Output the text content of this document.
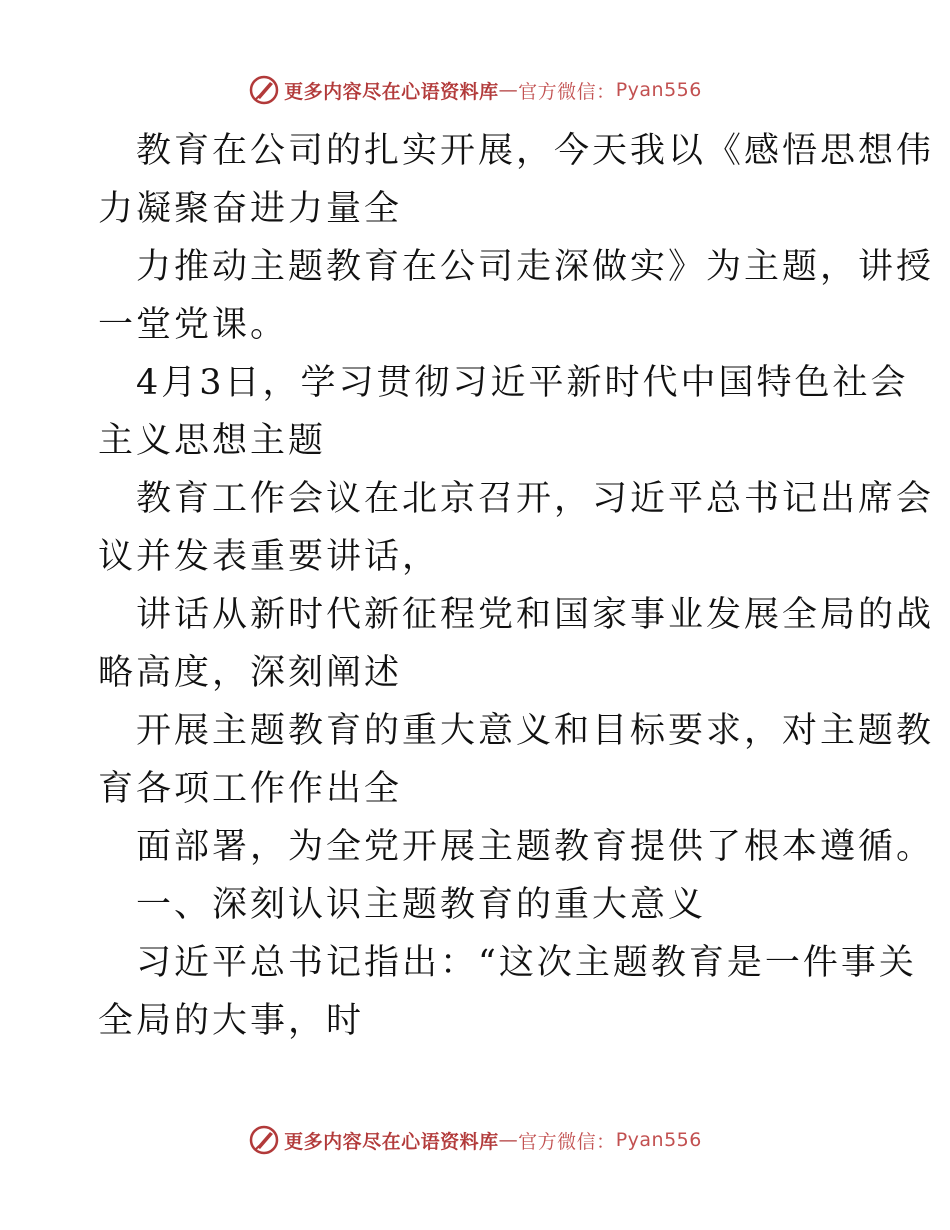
更多内容尽在心语资料库 — 官方微信： Pyan556

教育在公司的扎实开展，今天我以《感悟思想伟

力凝聚奋进力量全

力推动主题教育在公司走深做实》为主题，讲授

一堂党课。

4月3日，学习贯彻习近平新时代中国特色社会

主义思想主题

教育工作会议在北京召开，习近平总书记出席会

议并发表重要讲话，

讲话从新时代新征程党和国家事业发展全局的战

略高度，深刻阐述

开展主题教育的重大意义和目标要求，对主题教

育各项工作作出全

面部署，为全党开展主题教育提供了根本遵循。

一、深刻认识主题教育的重大意义

习近平总书记指出：“这次主题教育是一件事关

全局的大事，时

更多内容尽在心语资料库 — 官方微信： Pyan556
